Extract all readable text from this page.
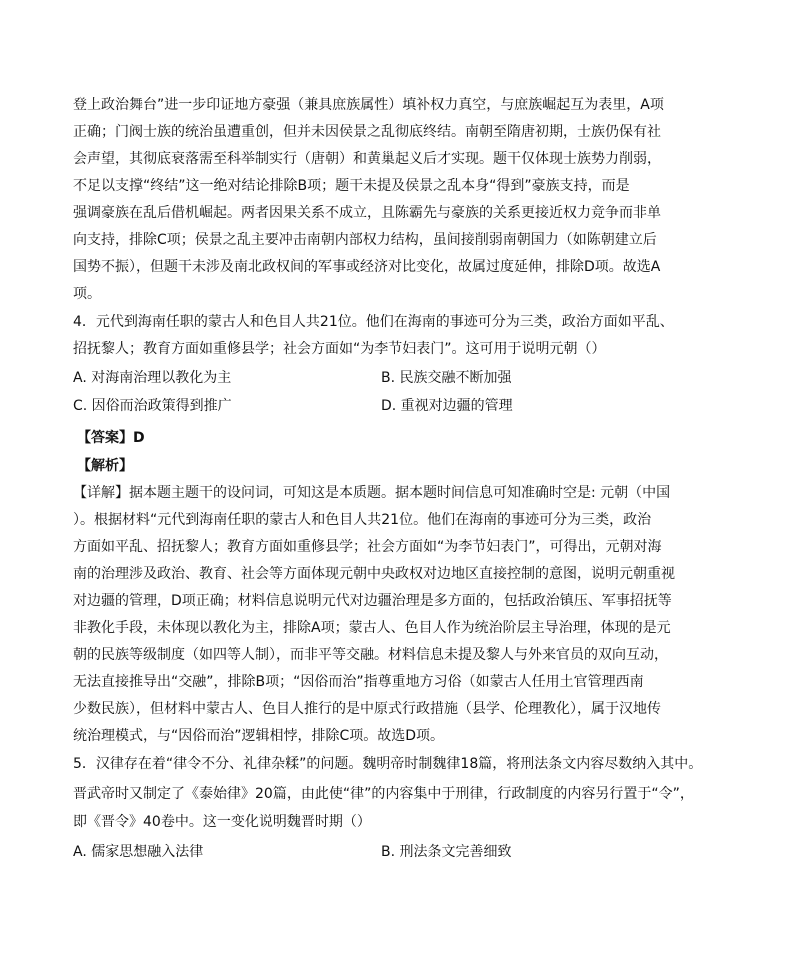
登上政治舞台”进一步印证地方豪强（兼具庶族属性）填补权力真空，与庶族崛起互为表里，A项
正确；门阀士族的统治虽遭重创，但并未因侯景之乱彻底终结。南朝至隋唐初期，士族仍保有社
会声望，其彻底衰落需至科举制实行（唐朝）和黄巢起义后才实现。题干仅体现士族势力削弱，
不足以支撑“终结”这一绝对结论排除B项；题干未提及侯景之乱本身“得到”豪族支持，而是
强调豪族在乱后借机崛起。两者因果关系不成立，且陈霸先与豪族的关系更接近权力竞争而非单
向支持，排除C项；侯景之乱主要冲击南朝内部权力结构，虽间接削弱南朝国力（如陈朝建立后
国势不振），但题干未涉及南北政权间的军事或经济对比变化，故属过度延伸，排除D项。故选A
项。
4．元代到海南任职的蒙古人和色目人共21位。他们在海南的事迹可分为三类，政治方面如平乱、
招抚黎人；教育方面如重修县学；社会方面如“为李节妇表门”。这可用于说明元朝（）
A. 对海南治理以教化为主	B. 民族交融不断加强
C. 因俗而治政策得到推广	D. 重视对边疆的管理
【答案】D
【解析】
【详解】据本题主题干的设问词，可知这是本质题。据本题时间信息可知准确时空是: 元朝（中国
）。根据材料“元代到海南任职的蒙古人和色目人共21位。他们在海南的事迹可分为三类，政治
方面如平乱、招抚黎人；教育方面如重修县学；社会方面如“为李节妇表门”，可得出，元朝对海
南的治理涉及政治、教育、社会等方面体现元朝中央政权对边地区直接控制的意图，说明元朝重视
对边疆的管理，D项正确；材料信息说明元代对边疆治理是多方面的，包括政治镇压、军事招抚等
非教化手段，未体现以教化为主，排除A项；蒙古人、色目人作为统治阶层主导治理，体现的是元
朝的民族等级制度（如四等人制），而非平等交融。材料信息未提及黎人与外来官员的双向互动，
无法直接推导出“交融”，排除B项；“因俗而治”指尊重地方习俗（如蒙古人任用土官管理西南
少数民族），但材料中蒙古人、色目人推行的是中原式行政措施（县学、伦理教化），属于汉地传
统治理模式，与“因俗而治”逻辑相悖，排除C项。故选D项。
5．汉律存在着“律令不分、礼律杂糅”的问题。魏明帝时制魏律18篇，将刑法条文内容尽数纳入其中。
晋武帝时又制定了《泰始律》20篇，由此使“律”的内容集中于刑律，行政制度的内容另行置于“令”，
即《晋令》40卷中。这一变化说明魏晋时期（）
A. 儒家思想融入法律	B. 刑法条文完善细致
